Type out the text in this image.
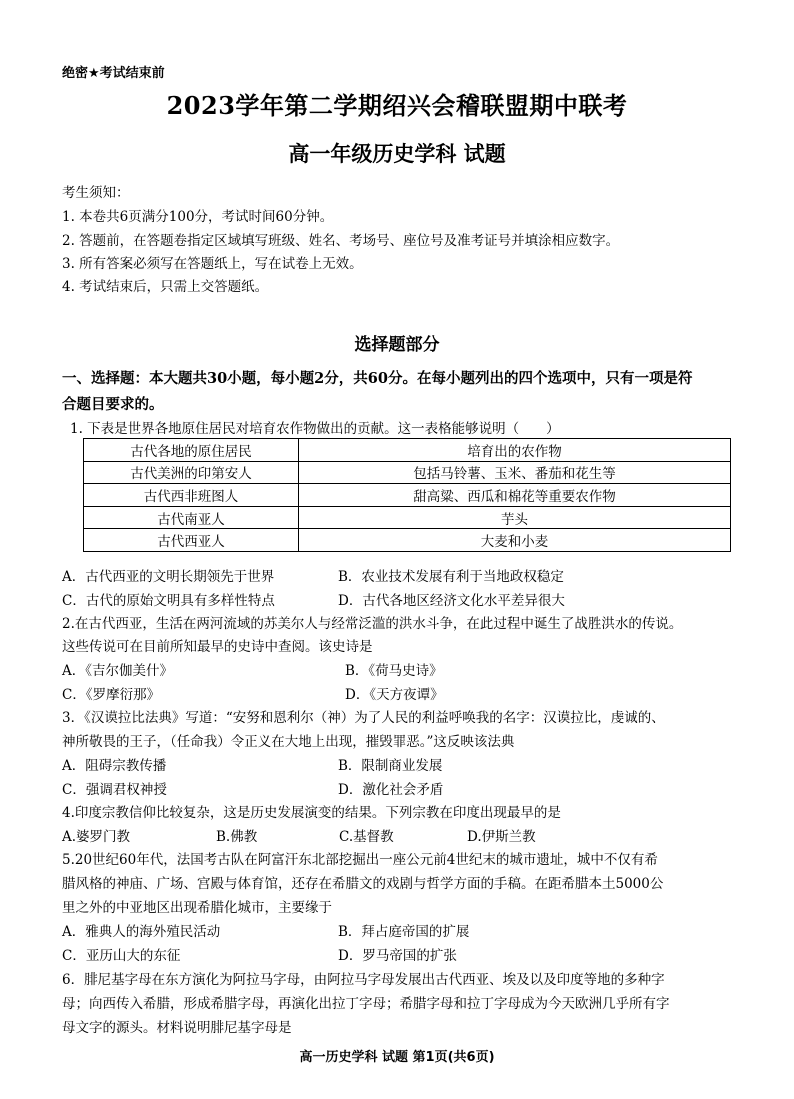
绝密★考试结束前
2023学年第二学期绍兴会稽联盟期中联考
高一年级历史学科 试题
考生须知：
1. 本卷共6页满分100分，考试时间60分钟。
2. 答题前，在答题卷指定区域填写班级、姓名、考场号、座位号及准考证号并填涂相应数字。
3. 所有答案必须写在答题纸上，写在试卷上无效。
4. 考试结束后，只需上交答题纸。
选择题部分
一、选择题：本大题共30小题，每小题2分，共60分。在每小题列出的四个选项中，只有一项是符
合题目要求的。
1. 下表是世界各地原住居民对培育农作物做出的贡献。这一表格能够说明（　　）
古代各地的原住居民	培育出的农作物
古代美洲的印第安人	包括马铃薯、玉米、番茄和花生等
古代西非班图人	甜高粱、西瓜和棉花等重要农作物
古代南亚人	芋头
古代西亚人	大麦和小麦
A．古代西亚的文明长期领先于世界	B．农业技术发展有利于当地政权稳定
C．古代的原始文明具有多样性特点	D．古代各地区经济文化水平差异很大
2.在古代西亚，生活在两河流域的苏美尔人与经常泛滥的洪水斗争，在此过程中诞生了战胜洪水的传说。
这些传说可在目前所知最早的史诗中查阅。该史诗是
A．《吉尔伽美什》	B．《荷马史诗》
C．《罗摩衍那》	D．《天方夜谭》
3．《汉谟拉比法典》写道：“安努和恩利尔（神）为了人民的利益呼唤我的名字：汉谟拉比，虔诚的、
神所敬畏的王子，（任命我）令正义在大地上出现，摧毁罪恶。”这反映该法典
A．阻碍宗教传播	B．限制商业发展
C．强调君权神授	D．激化社会矛盾
4.印度宗教信仰比较复杂，这是历史发展演变的结果。下列宗教在印度出现最早的是
A.婆罗门教	B.佛教	C.基督教	D.伊斯兰教
5.20世纪60年代，法国考古队在阿富汗东北部挖掘出一座公元前4世纪末的城市遗址，城中不仅有希
腊风格的神庙、广场、宫殿与体育馆，还存在希腊文的戏剧与哲学方面的手稿。在距希腊本土5000公
里之外的中亚地区出现希腊化城市，主要缘于
A．雅典人的海外殖民活动	B．拜占庭帝国的扩展
C．亚历山大的东征	D．罗马帝国的扩张
6．腓尼基字母在东方演化为阿拉马字母，由阿拉马字母发展出古代西亚、埃及以及印度等地的多种字
母；向西传入希腊，形成希腊字母，再演化出拉丁字母；希腊字母和拉丁字母成为今天欧洲几乎所有字
母文字的源头。材料说明腓尼基字母是
高一历史学科 试题 第1页(共6页)
